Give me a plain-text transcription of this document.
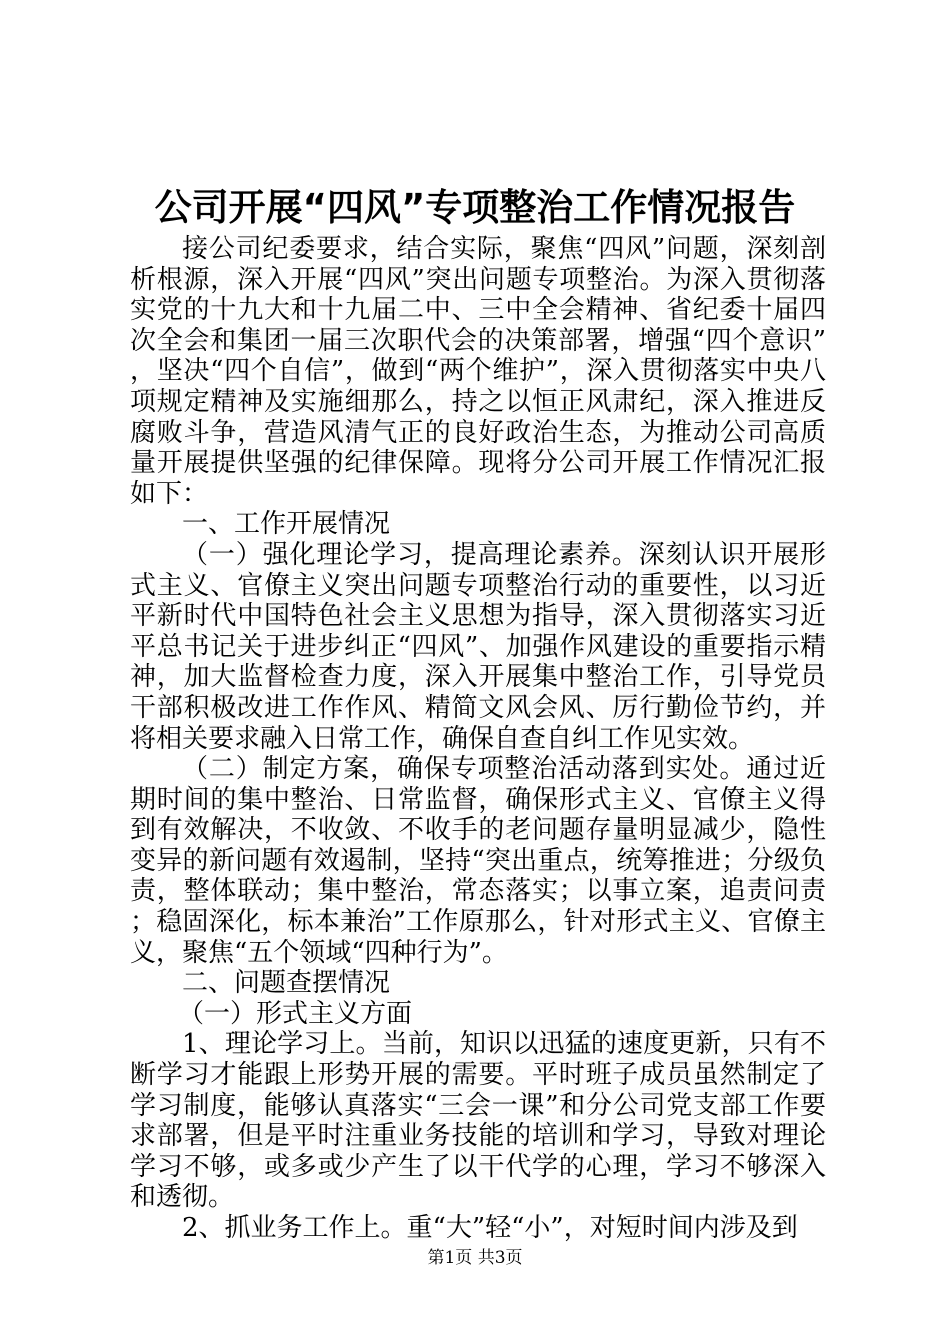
公司开展“四风”专项整治工作情况报告

接公司纪委要求，结合实际，聚焦“四风”问题，深刻剖析根源，深入开展“四风”突出问题专项整治。为深入贯彻落实党的十九大和十九届二中、三中全会精神、省纪委十届四次全会和集团一届三次职代会的决策部署，增强“四个意识”，坚决“四个自信”，做到“两个维护”，深入贯彻落实中央八项规定精神及实施细那么，持之以恒正风肃纪，深入推进反腐败斗争，营造风清气正的良好政治生态，为推动公司高质量开展提供坚强的纪律保障。现将分公司开展工作情况汇报如下：

一、工作开展情况

（一）强化理论学习，提高理论素养。深刻认识开展形式主义、官僚主义突出问题专项整治行动的重要性，以习近平新时代中国特色社会主义思想为指导，深入贯彻落实习近平总书记关于进步纠正“四风”、加强作风建设的重要指示精神，加大监督检查力度，深入开展集中整治工作，引导党员干部积极改进工作作风、精简文风会风、厉行勤俭节约，并将相关要求融入日常工作，确保自查自纠工作见实效。

（二）制定方案，确保专项整治活动落到实处。通过近期时间的集中整治、日常监督，确保形式主义、官僚主义得到有效解决，不收敛、不收手的老问题存量明显减少，隐性变异的新问题有效遏制，坚持“突出重点，统筹推进；分级负责，整体联动；集中整治，常态落实；以事立案，追责问责；稳固深化，标本兼治”工作原那么，针对形式主义、官僚主义，聚焦“五个领域“四种行为”。

二、问题查摆情况

（一）形式主义方面

1、理论学习上。当前，知识以迅猛的速度更新，只有不断学习才能跟上形势开展的需要。平时班子成员虽然制定了学习制度，能够认真落实“三会一课”和分公司党支部工作要求部署，但是平时注重业务技能的培训和学习，导致对理论学习不够，或多或少产生了以干代学的心理，学习不够深入和透彻。

2、抓业务工作上。重“大”轻“小”，对短时间内涉及到

第1页 共3页
